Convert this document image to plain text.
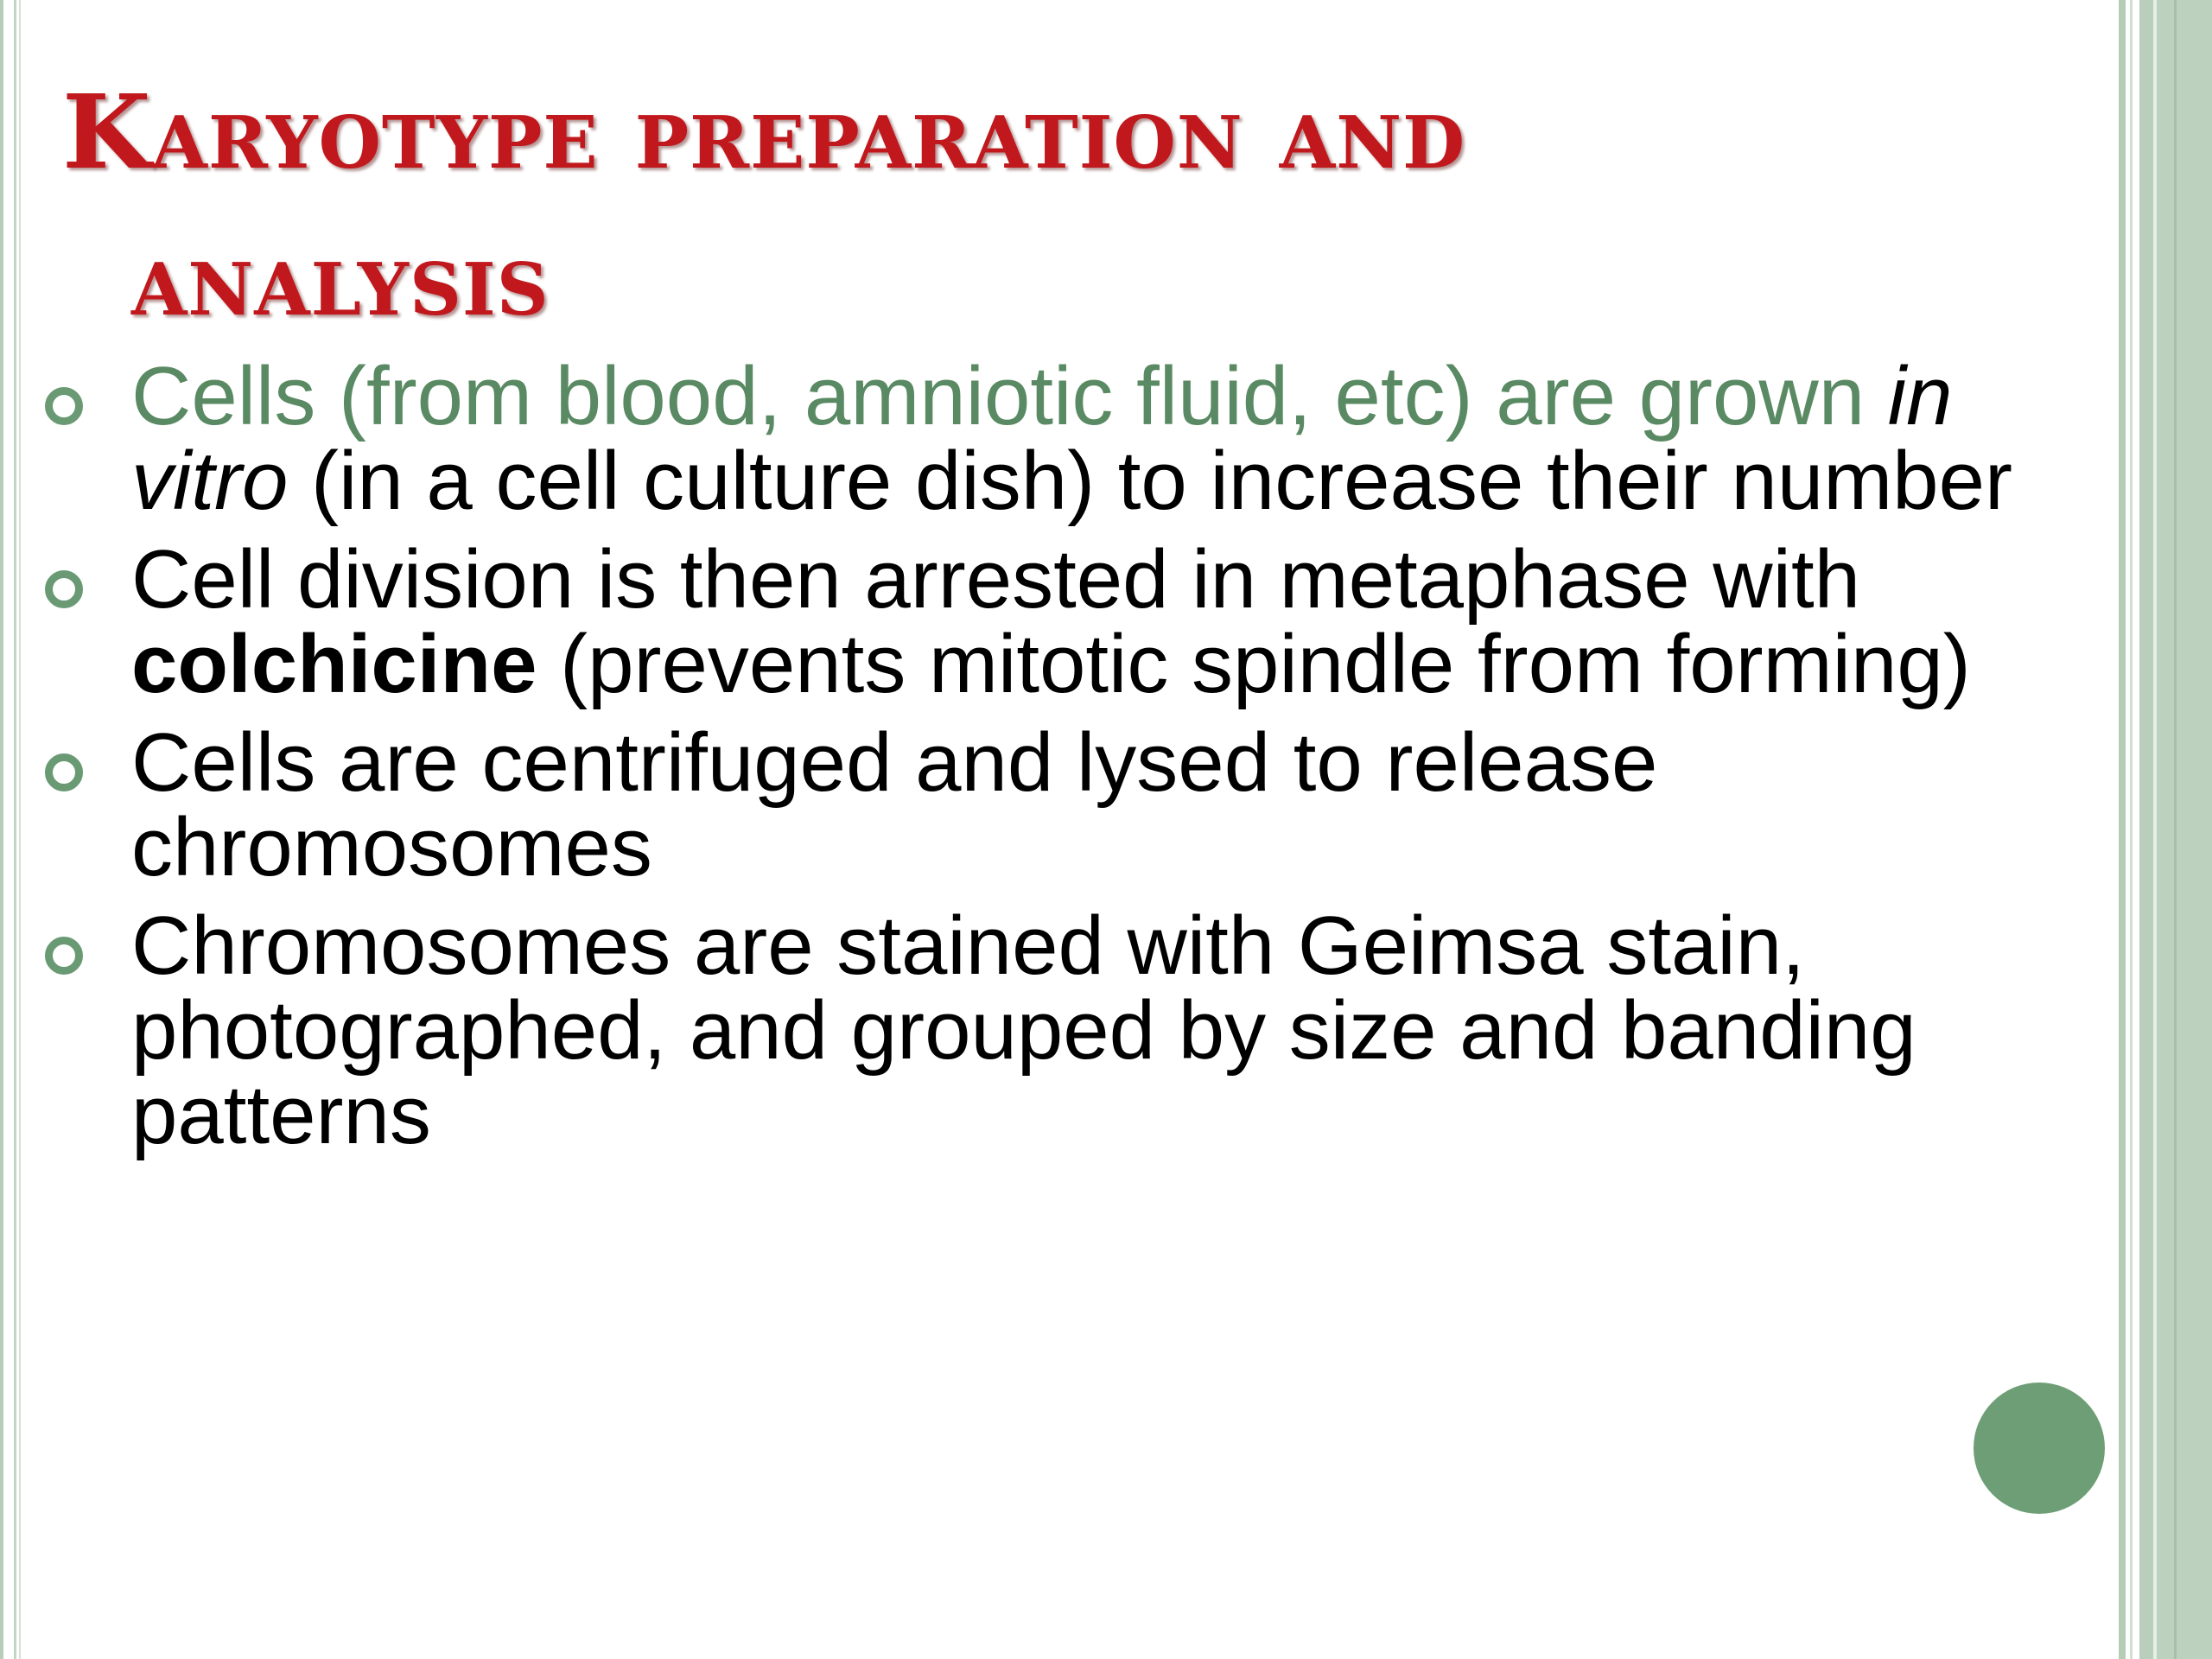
Karyotype preparation and
analysis
Cells (from blood, amniotic fluid, etc) are grown in vitro (in a cell culture dish) to increase their number
Cell division is then arrested in metaphase with colchicine (prevents mitotic spindle from forming)
Cells are centrifuged and lysed to release chromosomes
Chromosomes are stained with Geimsa stain, photographed, and grouped by size and banding patterns
